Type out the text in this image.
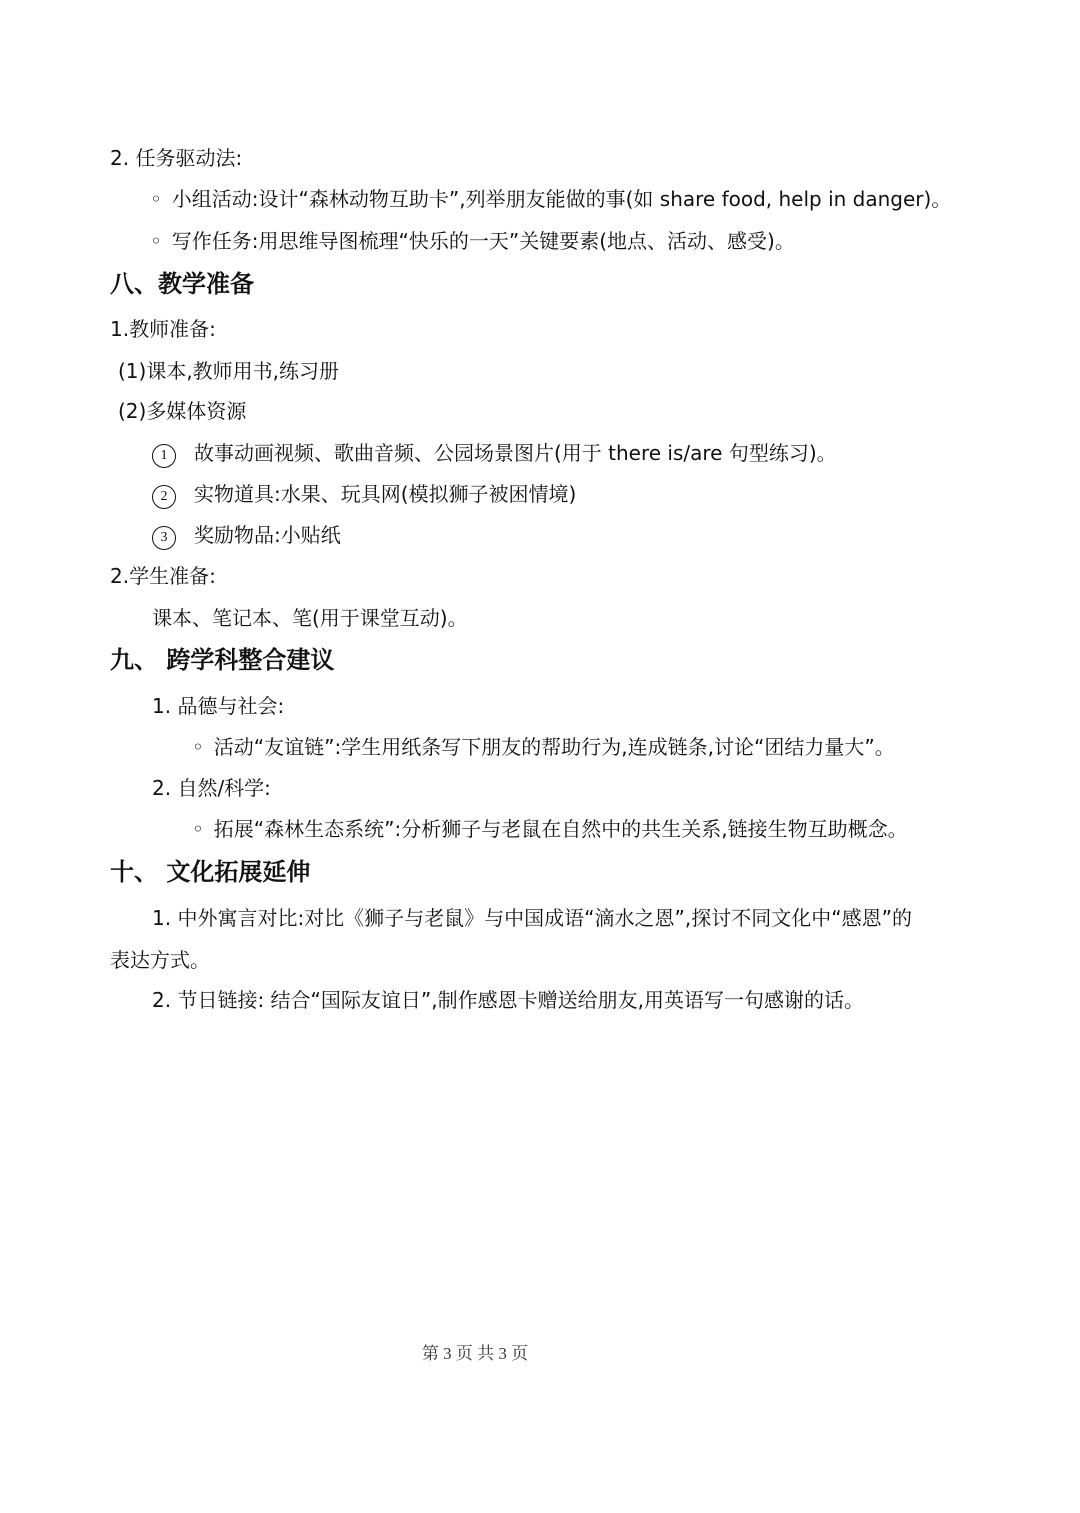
2. 任务驱动法:
◦ 小组活动:设计“森林动物互助卡”,列举朋友能做的事(如 share food, help in danger)。
◦ 写作任务:用思维导图梳理“快乐的一天”关键要素(地点、活动、感受)。
八、教学准备
1.教师准备:
(1)课本,教师用书,练习册
(2)多媒体资源
1 故事动画视频、歌曲音频、公园场景图片(用于 there is/are 句型练习)。
2 实物道具:水果、玩具网(模拟狮子被困情境)
3 奖励物品:小贴纸
2.学生准备:
课本、笔记本、笔(用于课堂互动)。
九、 跨学科整合建议
1. 品德与社会:
◦ 活动“友谊链”:学生用纸条写下朋友的帮助行为,连成链条,讨论“团结力量大”。
2. 自然/科学:
◦ 拓展“森林生态系统”:分析狮子与老鼠在自然中的共生关系,链接生物互助概念。
十、 文化拓展延伸
1. 中外寓言对比:对比《狮子与老鼠》与中国成语“滴水之恩”,探讨不同文化中“感恩”的
表达方式。
2. 节日链接: 结合“国际友谊日”,制作感恩卡赠送给朋友,用英语写一句感谢的话。
第 3 页 共 3 页
